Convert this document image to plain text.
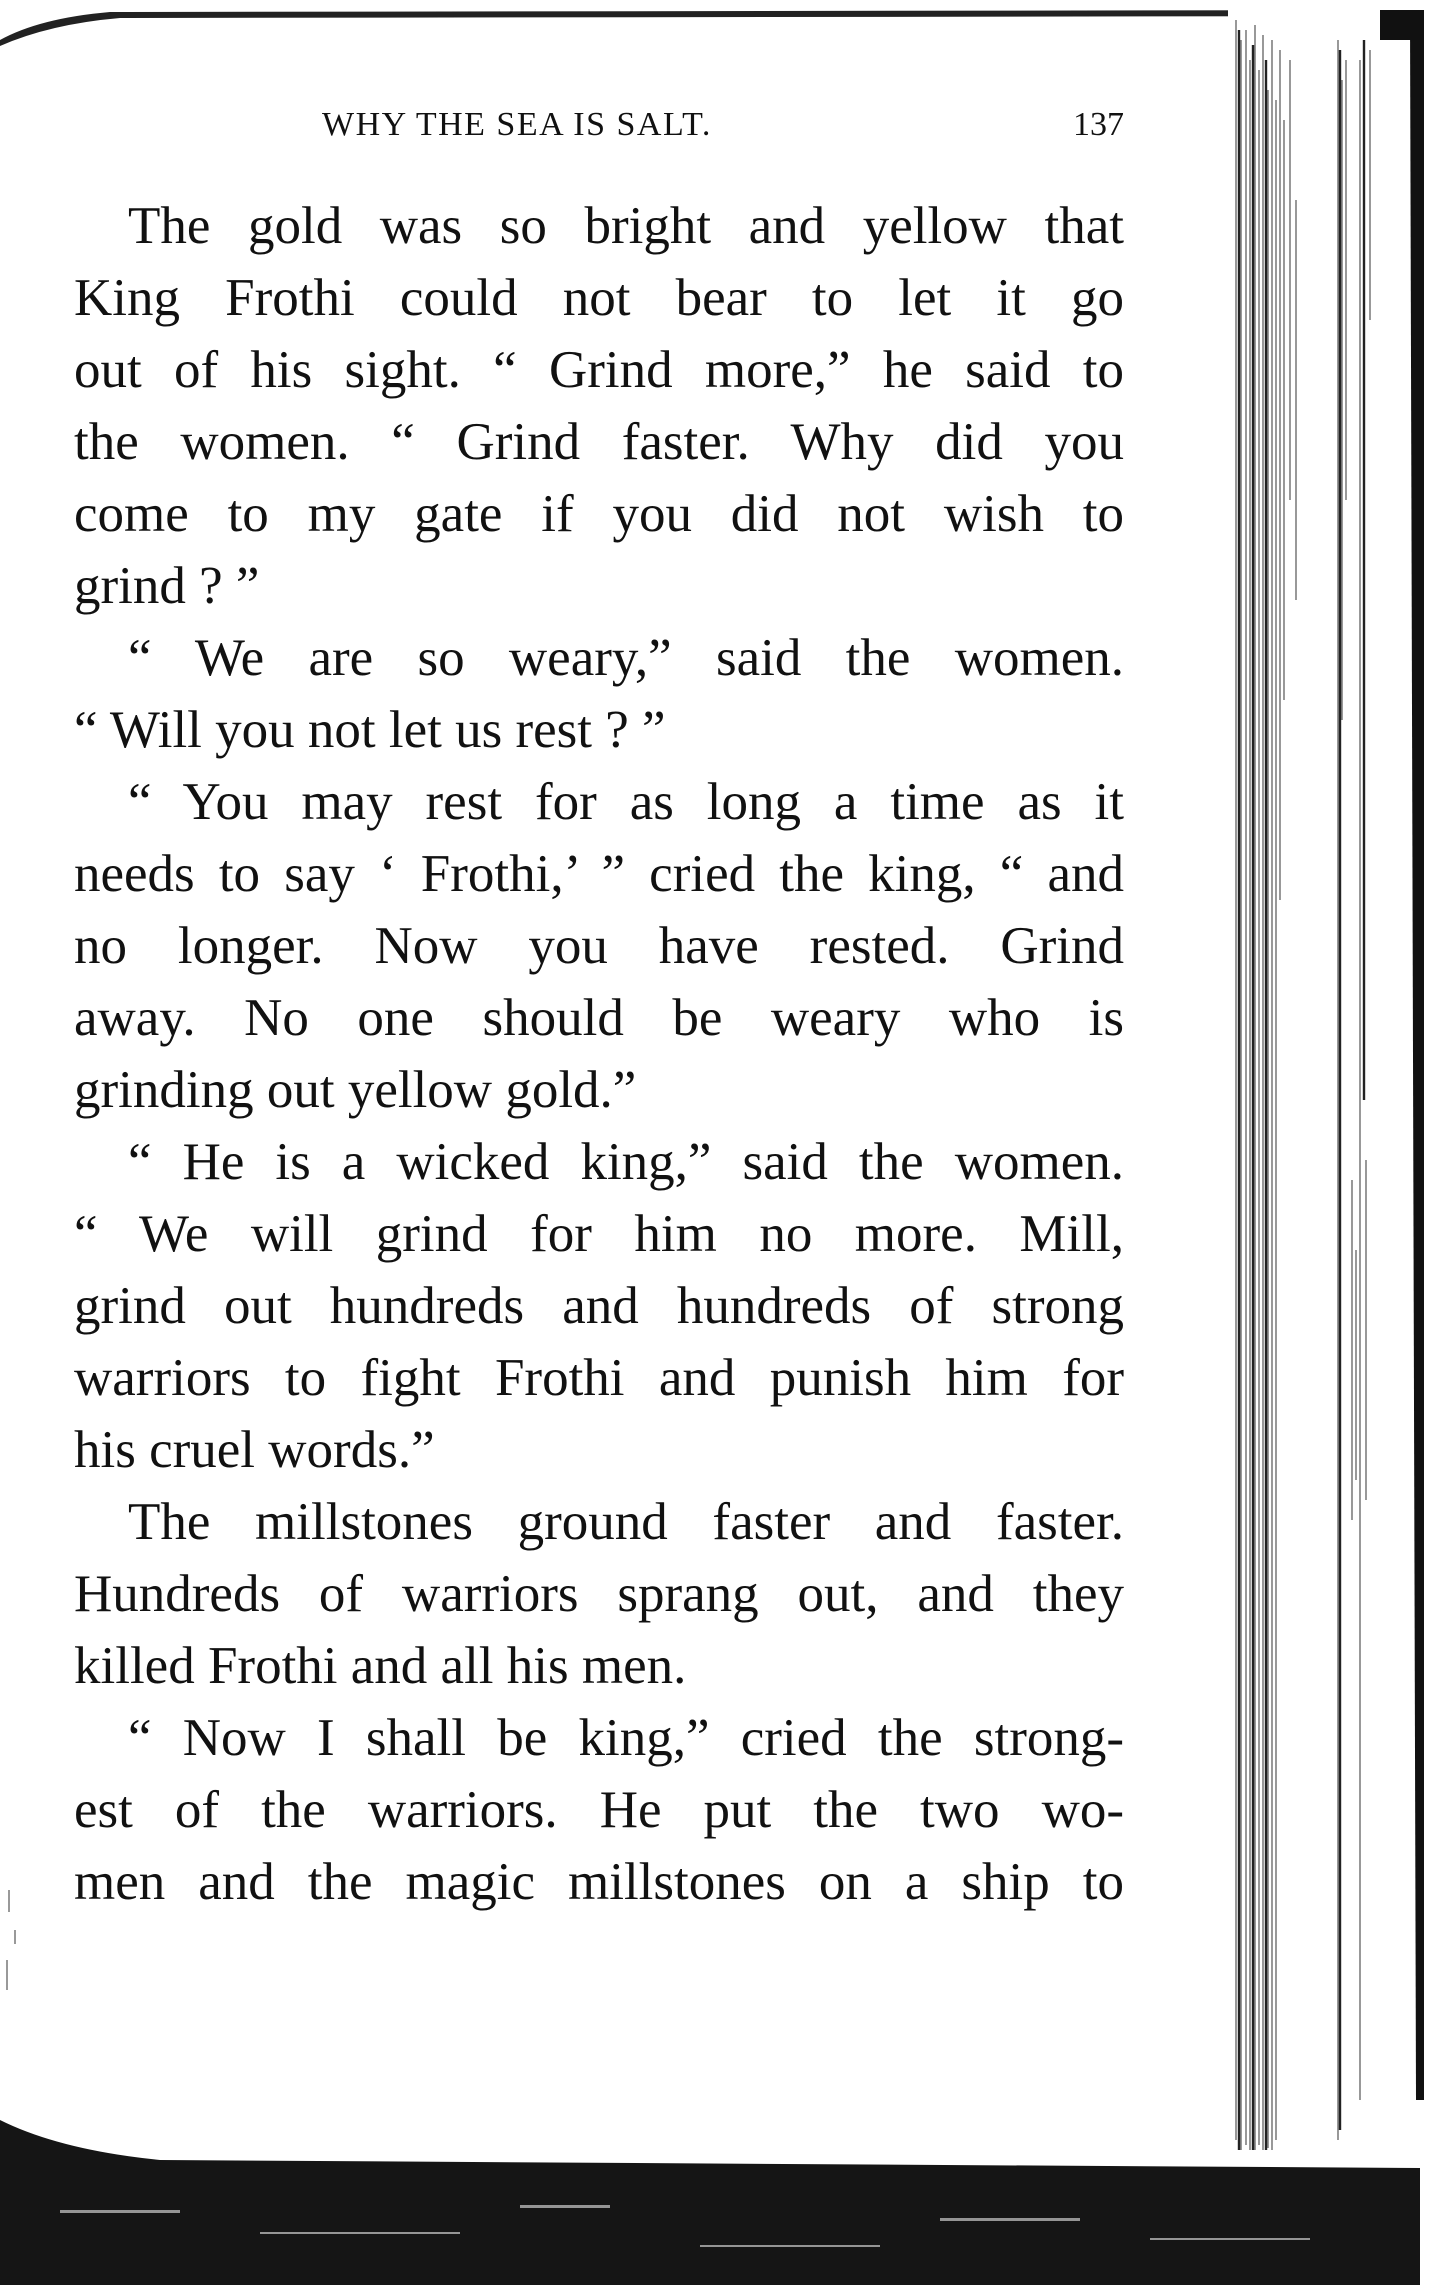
WHY THE SEA IS SALT.	137
The gold was so bright and yellow that
King Frothi could not bear to let it go
out of his sight. “ Grind more,” he said to
the women. “ Grind faster. Why did you
come to my gate if you did not wish to
grind ? ”
“ We are so weary,” said the women.
“ Will you not let us rest ? ”
“ You may rest for as long a time as it
needs to say ‘ Frothi,’ ” cried the king, “ and
no longer. Now you have rested. Grind
away. No one should be weary who is
grinding out yellow gold.”
“ He is a wicked king,” said the women.
“ We will grind for him no more. Mill,
grind out hundreds and hundreds of strong
warriors to fight Frothi and punish him for
his cruel words.”
The millstones ground faster and faster.
Hundreds of warriors sprang out, and they
killed Frothi and all his men.
“ Now I shall be king,” cried the strong-
est of the warriors. He put the two wo-
men and the magic millstones on a ship to
